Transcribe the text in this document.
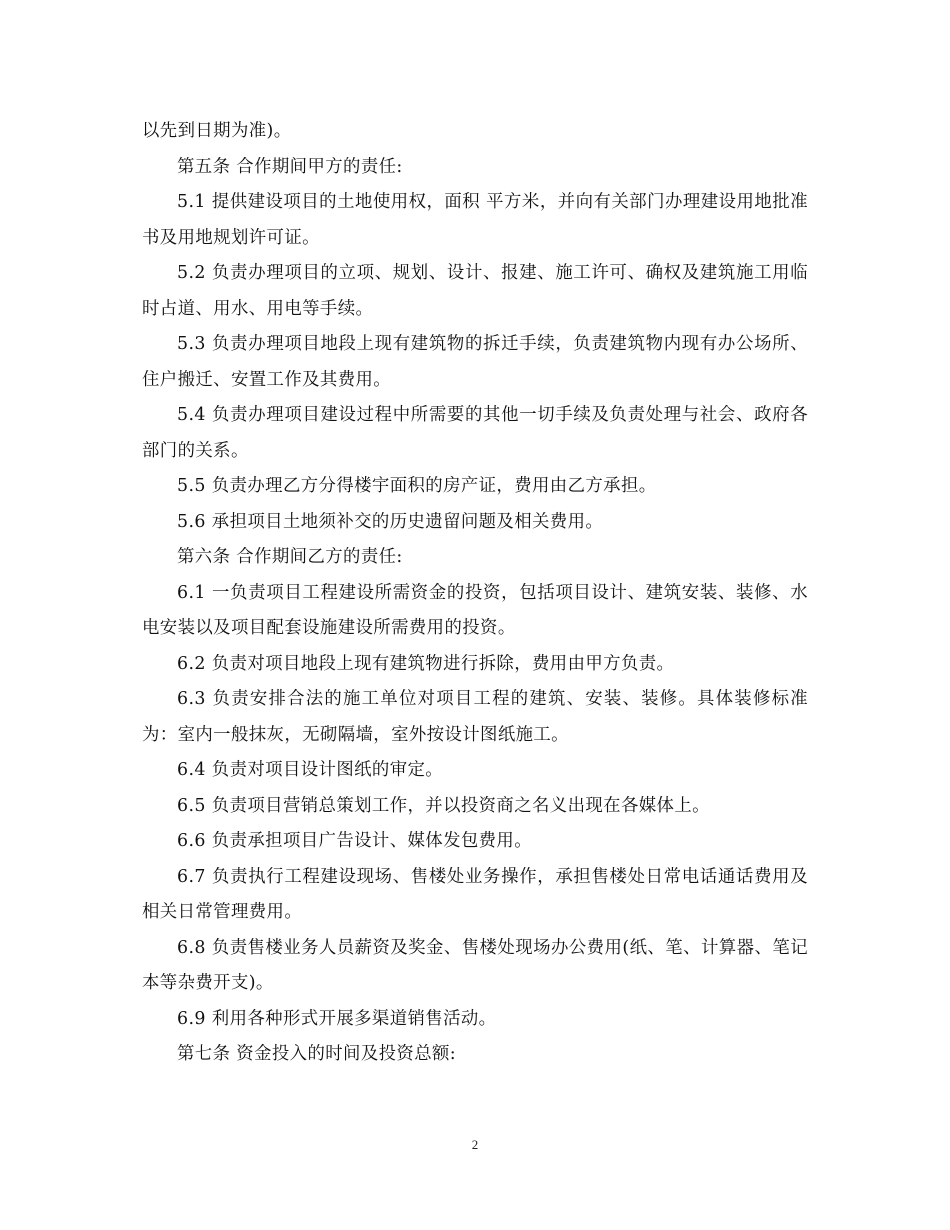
以先到日期为准)。

第五条 合作期间甲方的责任:

5.1 提供建设项目的土地使用权，面积 平方米，并向有关部门办理建设用地批准书及用地规划许可证。

5.2 负责办理项目的立项、规划、设计、报建、施工许可、确权及建筑施工用临时占道、用水、用电等手续。

5.3 负责办理项目地段上现有建筑物的拆迁手续，负责建筑物内现有办公场所、住户搬迁、安置工作及其费用。

5.4 负责办理项目建设过程中所需要的其他一切手续及负责处理与社会、政府各部门的关系。

5.5 负责办理乙方分得楼宇面积的房产证，费用由乙方承担。

5.6 承担项目土地须补交的历史遗留问题及相关费用。

第六条 合作期间乙方的责任:

6.1 一负责项目工程建设所需资金的投资，包括项目设计、建筑安装、装修、水电安装以及项目配套设施建设所需费用的投资。

6.2 负责对项目地段上现有建筑物进行拆除，费用由甲方负责。

6.3 负责安排合法的施工单位对项目工程的建筑、安装、装修。具体装修标准为：室内一般抹灰，无砌隔墙，室外按设计图纸施工。

6.4 负责对项目设计图纸的审定。

6.5 负责项目营销总策划工作，并以投资商之名义出现在各媒体上。

6.6 负责承担项目广告设计、媒体发包费用。

6.7 负责执行工程建设现场、售楼处业务操作，承担售楼处日常电话通话费用及相关日常管理费用。

6.8 负责售楼业务人员薪资及奖金、售楼处现场办公费用(纸、笔、计算器、笔记本等杂费开支)。

6.9 利用各种形式开展多渠道销售活动。

第七条 资金投入的时间及投资总额:

2
